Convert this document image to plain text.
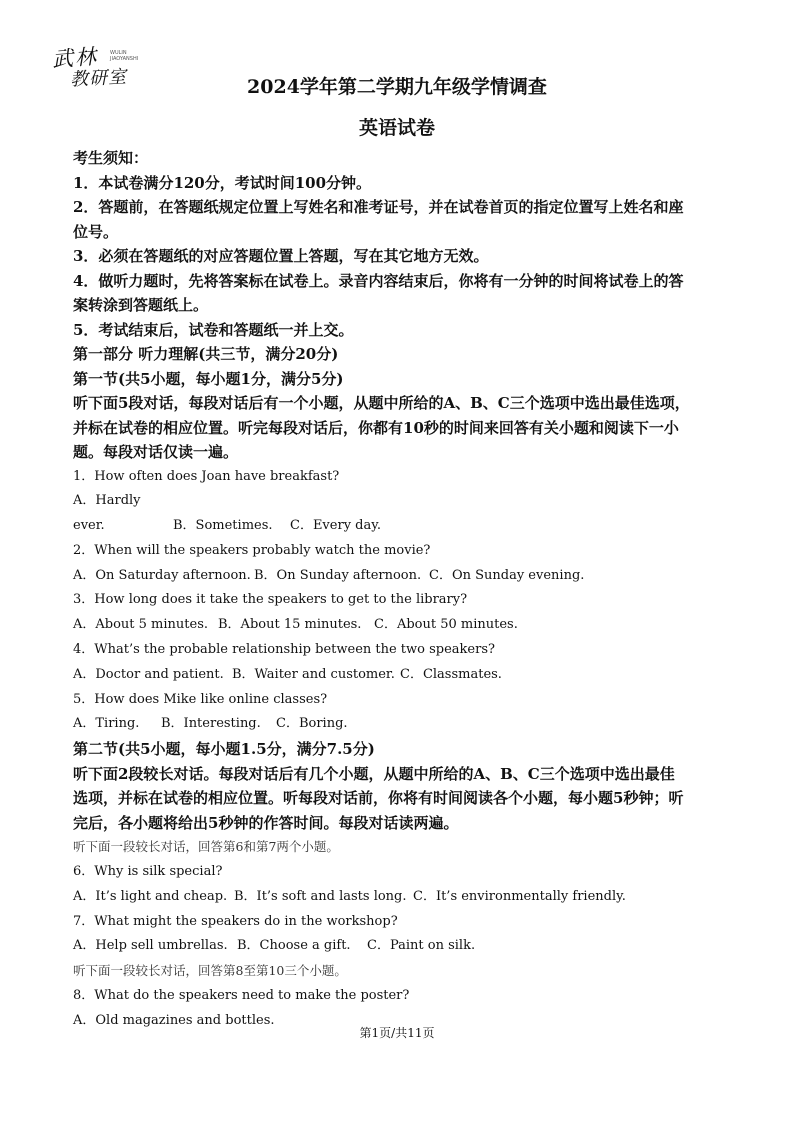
武林
教研室
WULIN JIAOYANSHI
2024学年第二学期九年级学情调查
英语试卷

考生须知：

1．本试卷满分120分，考试时间100分钟。

2．答题前，在答题纸规定位置上写姓名和准考证号，并在试卷首页的指定位置写上姓名和座

位号。

3．必须在答题纸的对应答题位置上答题，写在其它地方无效。

4．做听力题时，先将答案标在试卷上。录音内容结束后，你将有一分钟的时间将试卷上的答

案转涂到答题纸上。

5．考试结束后，试卷和答题纸一并上交。

第一部分 听力理解(共三节，满分20分)

第一节(共5小题，每小题1分，满分5分)

听下面5段对话，每段对话后有一个小题，从题中所给的A、B、C三个选项中选出最佳选项，

并标在试卷的相应位置。听完每段对话后，你都有10秒的时间来回答有关小题和阅读下一小

题。每段对话仅读一遍。

1．How often does Joan have breakfast?

A．Hardly ever.	B．Sometimes. C．Every day.

2．When will the speakers probably watch the movie?

A．On Saturday afternoon. B．On Sunday afternoon. C．On Sunday evening.

3．How long does it take the speakers to get to the library?

A．About 5 minutes. B．About 15 minutes. C．About 50 minutes.

4．What’s the probable relationship between the two speakers?

A．Doctor and patient. B．Waiter and customer. C．Classmates.

5．How does Mike like online classes?

A．Tiring. B．Interesting. C．Boring.

第二节(共5小题，每小题1.5分，满分7.5分)

听下面2段较长对话。每段对话后有几个小题，从题中所给的A、B、C三个选项中选出最佳

选项，并标在试卷的相应位置。听每段对话前，你将有时间阅读各个小题，每小题5秒钟；听

完后，各小题将给出5秒钟的作答时间。每段对话读两遍。

听下面一段较长对话，回答第6和第7两个小题。

6．Why is silk special?

A．It’s light and cheap. B．It’s soft and lasts long. C．It’s environmentally friendly.

7．What might the speakers do in the workshop?

A．Help sell umbrellas. B．Choose a gift. C．Paint on silk.

听下面一段较长对话，回答第8至第10三个小题。

8．What do the speakers need to make the poster?

A．Old magazines and bottles.

第1页/共11页
